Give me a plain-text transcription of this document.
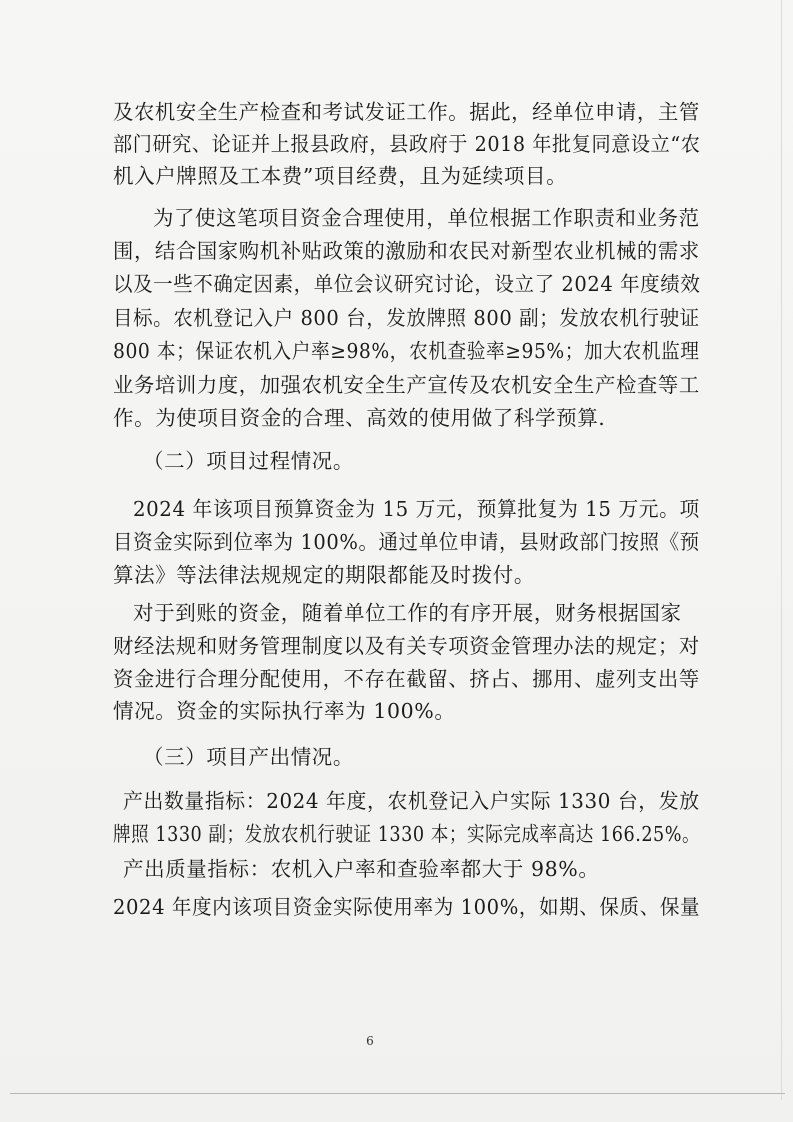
及农机安全生产检查和考试发证工作。据此，经单位申请，主管
部门研究、论证并上报县政府，县政府于 2018 年批复同意设立“农
机入户牌照及工本费”项目经费，且为延续项目。
为了使这笔项目资金合理使用，单位根据工作职责和业务范
围，结合国家购机补贴政策的激励和农民对新型农业机械的需求
以及一些不确定因素，单位会议研究讨论，设立了 2024 年度绩效
目标。农机登记入户 800 台，发放牌照 800 副；发放农机行驶证
800 本；保证农机入户率≥98%，农机查验率≥95%；加大农机监理
业务培训力度，加强农机安全生产宣传及农机安全生产检查等工
作。为使项目资金的合理、高效的使用做了科学预算.
（二）项目过程情况。
2024 年该项目预算资金为 15 万元，预算批复为 15 万元。项
目资金实际到位率为 100%。通过单位申请，县财政部门按照《预
算法》等法律法规规定的期限都能及时拨付。
对于到账的资金，随着单位工作的有序开展，财务根据国家
财经法规和财务管理制度以及有关专项资金管理办法的规定；对
资金进行合理分配使用，不存在截留、挤占、挪用、虚列支出等
情况。资金的实际执行率为 100%。
（三）项目产出情况。
产出数量指标：2024 年度，农机登记入户实际 1330 台，发放
牌照 1330 副；发放农机行驶证 1330 本；实际完成率高达 166.25%。
产出质量指标：农机入户率和查验率都大于 98%。
2024 年度内该项目资金实际使用率为 100%，如期、保质、保量
6
